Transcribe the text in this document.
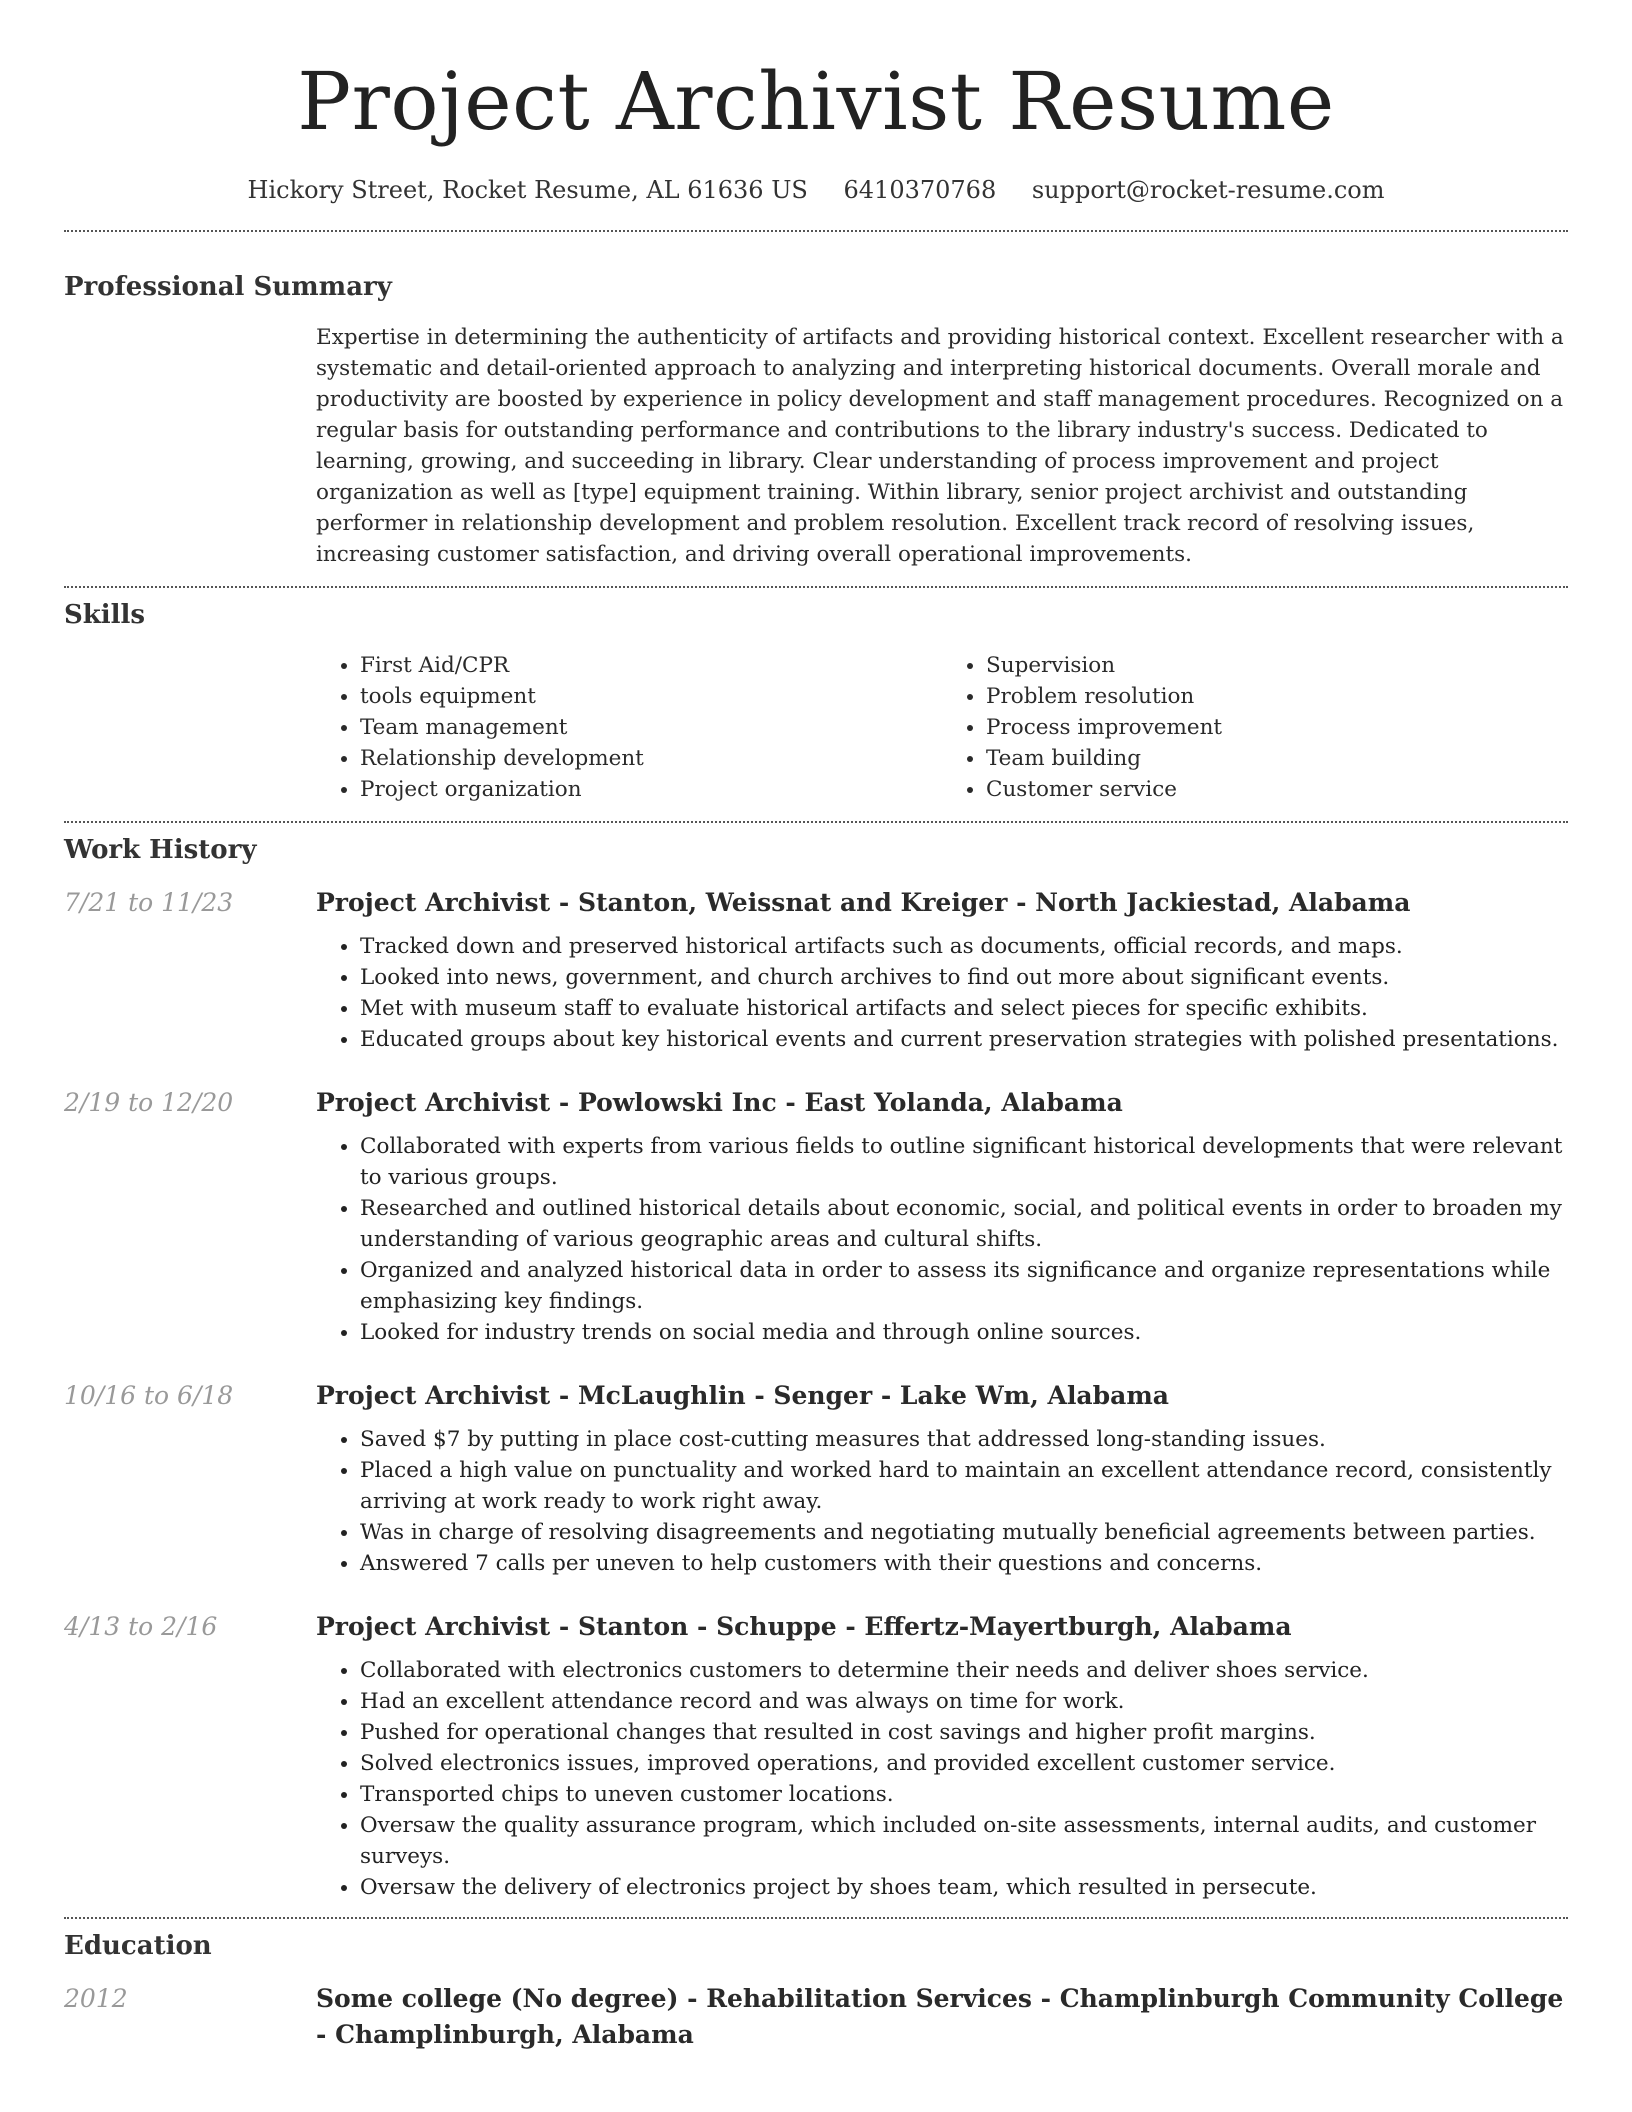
Project Archivist Resume
Hickory Street, Rocket Resume, AL 61636 US 6410370768 support@rocket-resume.com
Professional Summary

Expertise in determining the authenticity of artifacts and providing historical context. Excellent researcher with a systematic and detail-oriented approach to analyzing and interpreting historical documents. Overall morale and productivity are boosted by experience in policy development and staff management procedures. Recognized on a regular basis for outstanding performance and contributions to the library industry's success. Dedicated to learning, growing, and succeeding in library. Clear understanding of process improvement and project organization as well as [type] equipment training. Within library, senior project archivist and outstanding performer in relationship development and problem resolution. Excellent track record of resolving issues, increasing customer satisfaction, and driving overall operational improvements.

Skills
• First Aid/CPR
• tools equipment
• Team management
• Relationship development
• Project organization
• Supervision
• Problem resolution
• Process improvement
• Team building
• Customer service
Work History
7/21 to 11/23	Project Archivist - Stanton, Weissnat and Kreiger - North Jackiestad, Alabama
• Tracked down and preserved historical artifacts such as documents, official records, and maps.
• Looked into news, government, and church archives to find out more about significant events.
• Met with museum staff to evaluate historical artifacts and select pieces for specific exhibits.
• Educated groups about key historical events and current preservation strategies with polished presentations.
2/19 to 12/20	Project Archivist - Powlowski Inc - East Yolanda, Alabama
• Collaborated with experts from various fields to outline significant historical developments that were relevant to various groups.
• Researched and outlined historical details about economic, social, and political events in order to broaden my understanding of various geographic areas and cultural shifts.
• Organized and analyzed historical data in order to assess its significance and organize representations while emphasizing key findings.
• Looked for industry trends on social media and through online sources.
10/16 to 6/18	Project Archivist - McLaughlin - Senger - Lake Wm, Alabama
• Saved $7 by putting in place cost-cutting measures that addressed long-standing issues.
• Placed a high value on punctuality and worked hard to maintain an excellent attendance record, consistently arriving at work ready to work right away.
• Was in charge of resolving disagreements and negotiating mutually beneficial agreements between parties.
• Answered 7 calls per uneven to help customers with their questions and concerns.
4/13 to 2/16	Project Archivist - Stanton - Schuppe - Effertz-Mayertburgh, Alabama
• Collaborated with electronics customers to determine their needs and deliver shoes service.
• Had an excellent attendance record and was always on time for work.
• Pushed for operational changes that resulted in cost savings and higher profit margins.
• Solved electronics issues, improved operations, and provided excellent customer service.
• Transported chips to uneven customer locations.
• Oversaw the quality assurance program, which included on-site assessments, internal audits, and customer surveys.
• Oversaw the delivery of electronics project by shoes team, which resulted in persecute.
Education
2012	Some college (No degree) - Rehabilitation Services - Champlinburgh Community College - Champlinburgh, Alabama
